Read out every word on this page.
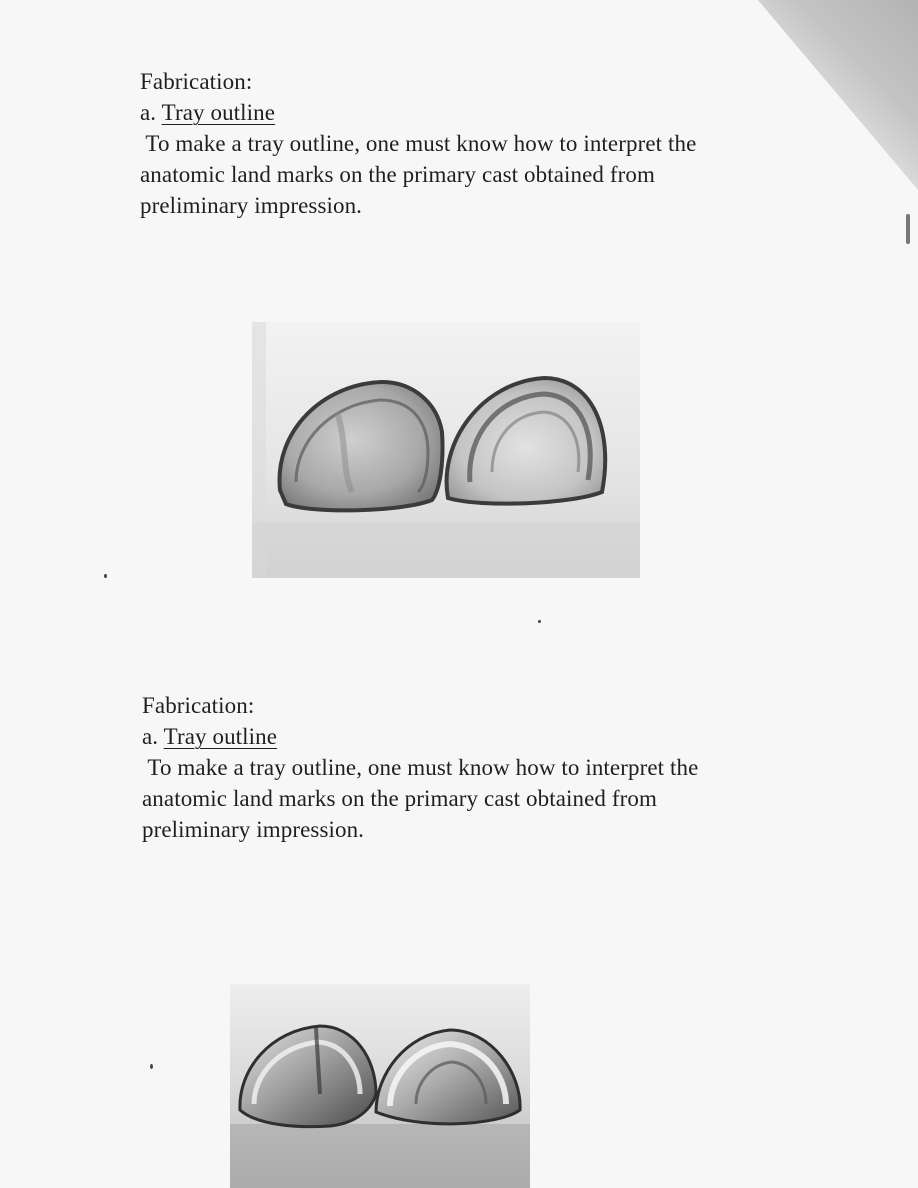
Fabrication:

a. Tray outline

To make a tray outline, one must know how to interpret the

anatomic land marks on the primary cast obtained from

preliminary impression.

Fabrication:

a. Tray outline

To make a tray outline, one must know how to interpret the

anatomic land marks on the primary cast obtained from

preliminary impression.
